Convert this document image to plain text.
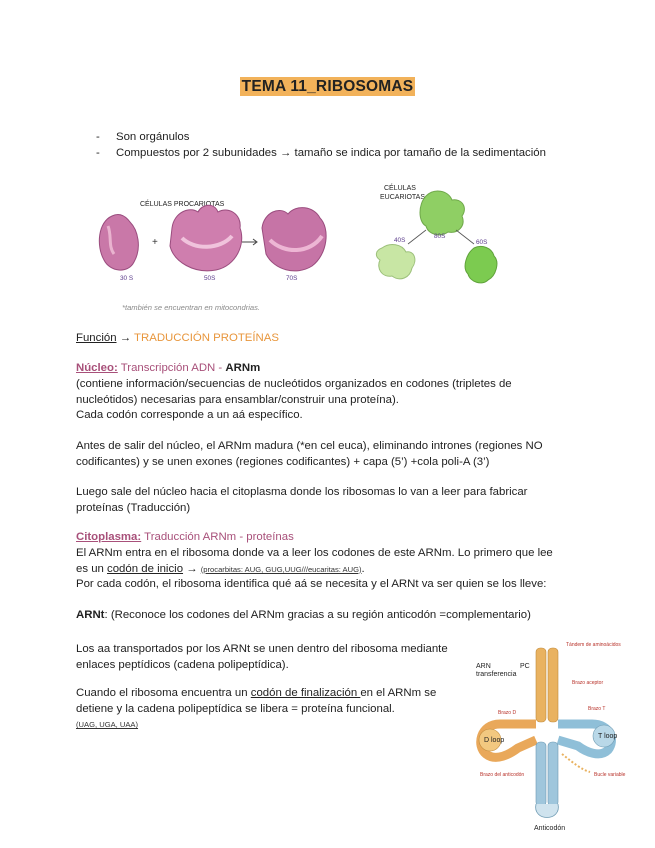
TEMA 11_RIBOSOMAS
- Son orgánulos
- Compuestos por 2 subunidades → tamaño se indica por tamaño de la sedimentación
CÉLULAS PROCARIOTAS
30 S
+
50S	70S
*también se encuentran en mitocondrias.
CÉLULAS
EUCARIOTAS
80S
40S	60S
Función → TRADUCCIÓN PROTEÍNAS
Núcleo: Transcripción ADN - ARNm
(contiene información/secuencias de nucleótidos organizados en codones (tripletes de
nucleótidos) necesarias para ensamblar/construir una proteína).
Cada codón corresponde a un aá específico.
Antes de salir del núcleo, el ARNm madura (*en cel euca), eliminando intrones (regiones NO
codificantes) y se unen exones (regiones codificantes) + capa (5’) +cola poli-A (3’)
Luego sale del núcleo hacia el citoplasma donde los ribosomas lo van a leer para fabricar
proteínas (Traducción)
Citoplasma: Traducción ARNm - proteínas
El ARNm entra en el ribosoma donde va a leer los codones de este ARNm. Lo primero que lee
es un codón de inicio → (procarbitas: AUG, GUG,UUG///eucaritas: AUG).
Por cada codón, el ribosoma identifica qué aá se necesita y el ARNt va ser quien se los lleve:
ARNt: (Reconoce los codones del ARNm gracias a su región anticodón =complementario)
Los aa transportados por los ARNt se unen dentro del ribosoma mediante
enlaces peptídicos (cadena polipeptídica).
Cuando el ribosoma encuentra un codón de finalización en el ARNm se
detiene y la cadena polipeptídica se libera = proteína funcional.
(UAG, UGA, UAA)
ARN
transferencia
Tándem de aminoácidos
PC
Brazo aceptor
Brazo D
D loop
Brazo T
T loop
Bucle variable
Brazo del anticodón
Anticodón
